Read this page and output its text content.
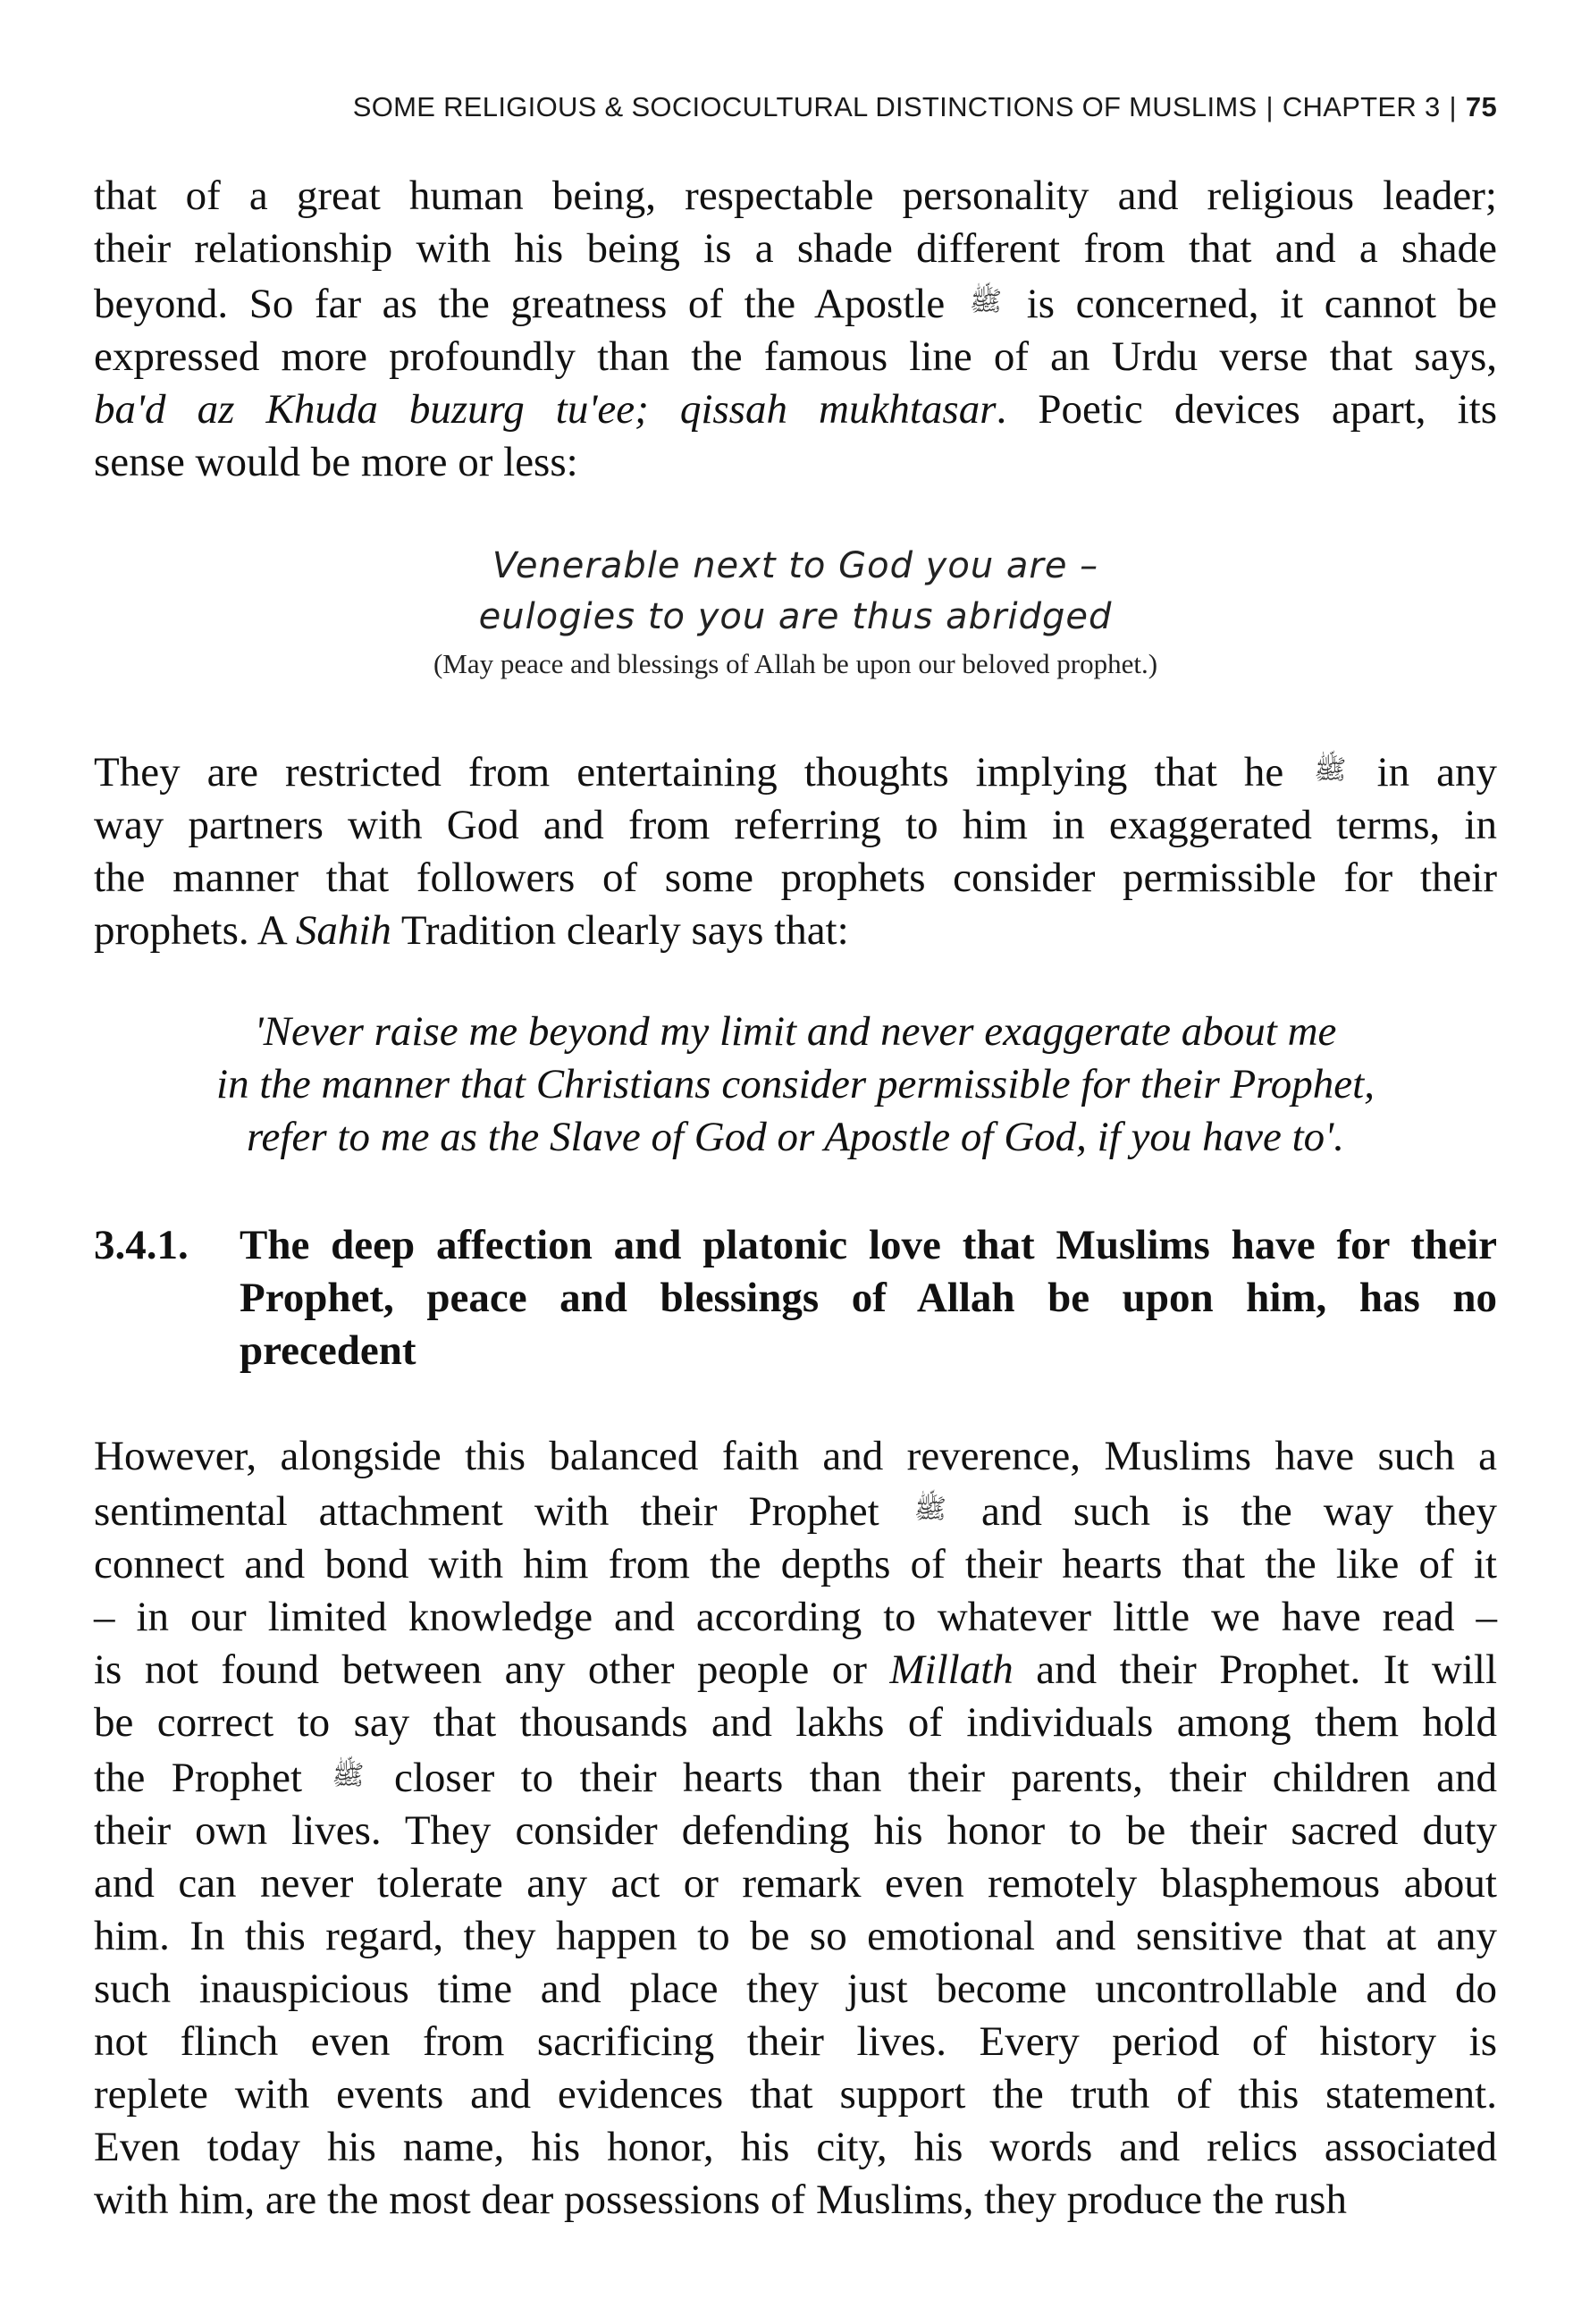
SOME RELIGIOUS & SOCIOCULTURAL DISTINCTIONS OF MUSLIMS | CHAPTER 3 | 75
that of a great human being, respectable personality and religious leader;
their relationship with his being is a shade different from that and a shade
beyond. So far as the greatness of the Apostle ﷺ is concerned, it cannot be
expressed more profoundly than the famous line of an Urdu verse that says,
ba'd az Khuda buzurg tu'ee; qissah mukhtasar. Poetic devices apart, its
sense would be more or less:
Venerable next to God you are –
eulogies to you are thus abridged
(May peace and blessings of Allah be upon our beloved prophet.)
They are restricted from entertaining thoughts implying that he ﷺ in any
way partners with God and from referring to him in exaggerated terms, in
the manner that followers of some prophets consider permissible for their
prophets. A Sahih Tradition clearly says that:
'Never raise me beyond my limit and never exaggerate about me
in the manner that Christians consider permissible for their Prophet,
refer to me as the Slave of God or Apostle of God, if you have to'.
3.4.1. The deep affection and platonic love that Muslims have for their
Prophet, peace and blessings of Allah be upon him, has no
precedent
However, alongside this balanced faith and reverence, Muslims have such a
sentimental attachment with their Prophet ﷺ and such is the way they
connect and bond with him from the depths of their hearts that the like of it
– in our limited knowledge and according to whatever little we have read –
is not found between any other people or Millath and their Prophet. It will
be correct to say that thousands and lakhs of individuals among them hold
the Prophet ﷺ closer to their hearts than their parents, their children and
their own lives. They consider defending his honor to be their sacred duty
and can never tolerate any act or remark even remotely blasphemous about
him. In this regard, they happen to be so emotional and sensitive that at any
such inauspicious time and place they just become uncontrollable and do
not flinch even from sacrificing their lives. Every period of history is
replete with events and evidences that support the truth of this statement.
Even today his name, his honor, his city, his words and relics associated
with him, are the most dear possessions of Muslims, they produce the rush
